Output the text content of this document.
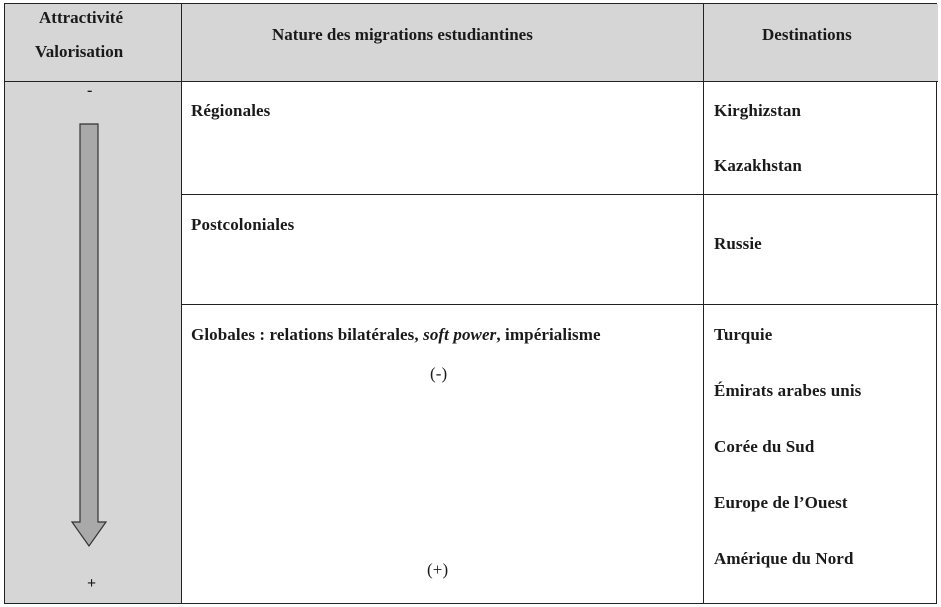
Attractivité
Valorisation
Nature des migrations estudiantines	Destinations
-
+
Régionales	Kirghizstan
Kazakhstan
Postcoloniales
Russie
Globales : relations bilatérales, soft power, impérialisme
(-)
(+)
Turquie
Émirats arabes unis
Corée du Sud
Europe de l’Ouest
Amérique du Nord
